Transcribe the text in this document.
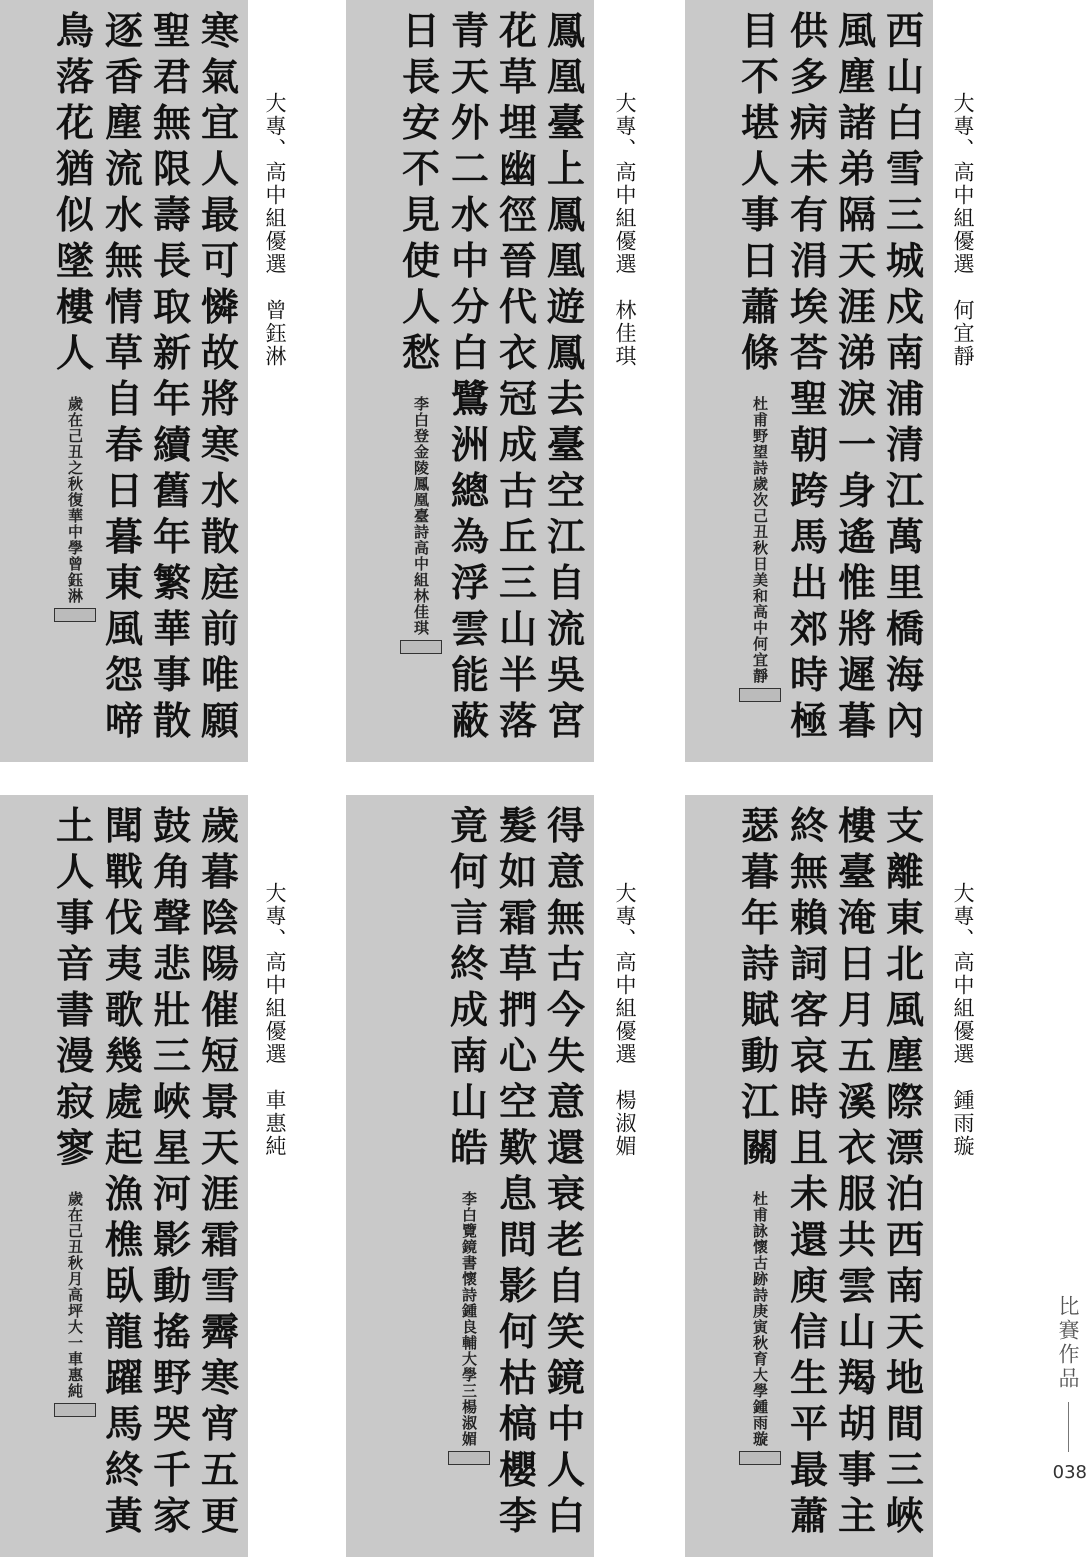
西
山
白
雪
三
城
戍
南
浦
清
江
萬
里
橋
海
內
風
塵
諸
弟
隔
天
涯
涕
淚
一
身
遙
惟
將
遲
暮
供
多
病
未
有
涓
埃
荅
聖
朝
跨
馬
出
郊
時
極
目
不
堪
人
事
日
蕭
條
杜甫野望詩歲次己丑秋日美和高中何宜靜
大專、高中組優選　何宜靜
鳳
凰
臺
上
鳳
凰
遊
鳳
去
臺
空
江
自
流
吳
宮
花
草
埋
幽
徑
晉
代
衣
冠
成
古
丘
三
山
半
落
青
天
外
二
水
中
分
白
鷺
洲
總
為
浮
雲
能
蔽
日
長
安
不
見
使
人
愁
李白登金陵鳳凰臺詩高中組林佳琪
大專、高中組優選　林佳琪
寒
氣
宜
人
最
可
憐
故
將
寒
水
散
庭
前
唯
願
聖
君
無
限
壽
長
取
新
年
續
舊
年
繁
華
事
散
逐
香
塵
流
水
無
情
草
自
春
日
暮
東
風
怨
啼
鳥
落
花
猶
似
墜
樓
人
歲在己丑之秋復華中學曾鈺淋
大專、高中組優選　曾鈺淋
支
離
東
北
風
塵
際
漂
泊
西
南
天
地
間
三
峽
樓
臺
淹
日
月
五
溪
衣
服
共
雲
山
羯
胡
事
主
終
無
賴
詞
客
哀
時
且
未
還
庾
信
生
平
最
蕭
瑟
暮
年
詩
賦
動
江
關
杜甫詠懷古跡詩庚寅秋育大學鍾雨璇
大專、高中組優選　鍾雨璇
得
意
無
古
今
失
意
還
衰
老
自
笑
鏡
中
人
白
髮
如
霜
草
捫
心
空
歎
息
問
影
何
枯
槁
櫻
李
竟
何
言
終
成
南
山
皓
李白覽鏡書懷詩鍾良輔大學三楊淑媚
大專、高中組優選　楊淑媚
歲
暮
陰
陽
催
短
景
天
涯
霜
雪
霽
寒
宵
五
更
鼓
角
聲
悲
壯
三
峽
星
河
影
動
搖
野
哭
千
家
聞
戰
伐
夷
歌
幾
處
起
漁
樵
臥
龍
躍
馬
終
黃
土
人
事
音
書
漫
寂
寥
歲在己丑秋月高坪大一車惠純
大專、高中組優選　車惠純
比賽作品
038
